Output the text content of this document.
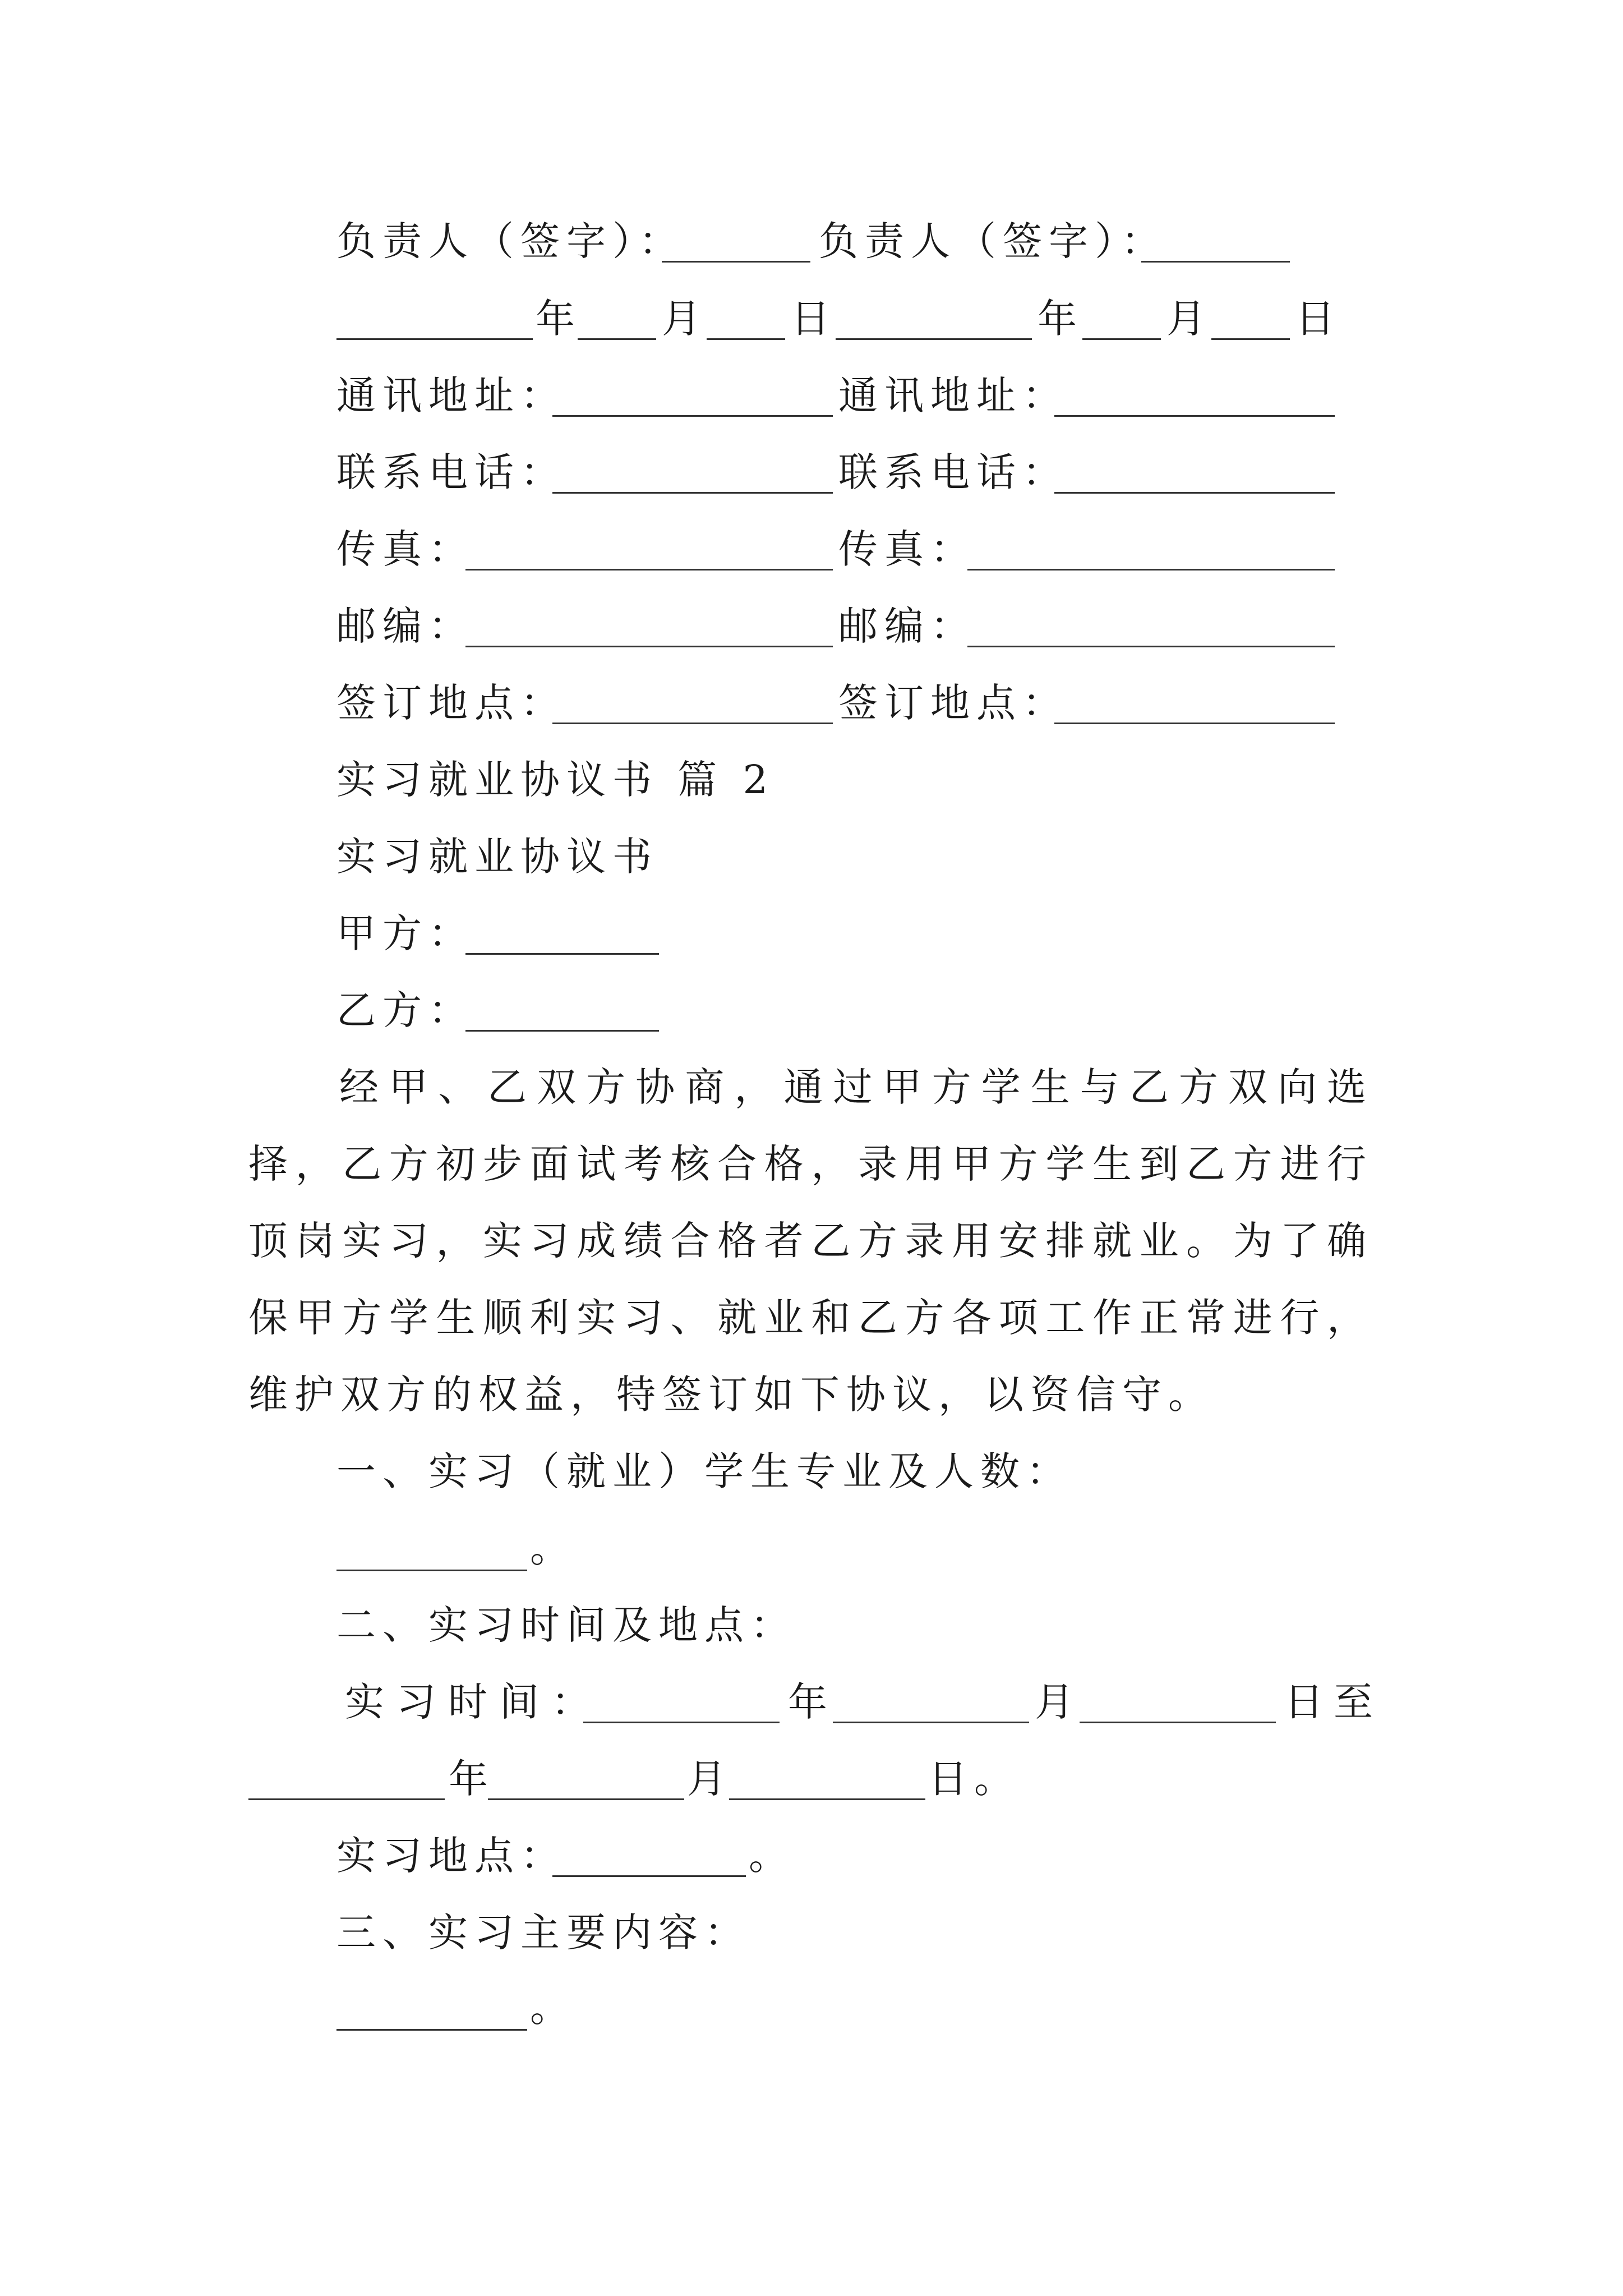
负责人（签字）：	负责人（签字）：
年 月 日	年 月 日
通讯地址：	通讯地址：
联系电话：	联系电话：
传真：	传真：
邮编：	邮编：
签订地点：	签订地点：
实习就业协议书 篇 2
实习就业协议书
甲方：
乙方：
经甲、乙双方协商，通过甲方学生与乙方双向选择，乙方初步面试考核合格，录用甲方学生到乙方进行顶岗实习，实习成绩合格者乙方录用安排就业。为了确保甲方学生顺利实习、就业和乙方各项工作正常进行，维护双方的权益，特签订如下协议，以资信守。
一、实习（就业）学生专业及人数：
。
二、实习时间及地点：
实习时间：	年	月	日至
年	月	日。
实习地点：	。
三、实习主要内容：
。
